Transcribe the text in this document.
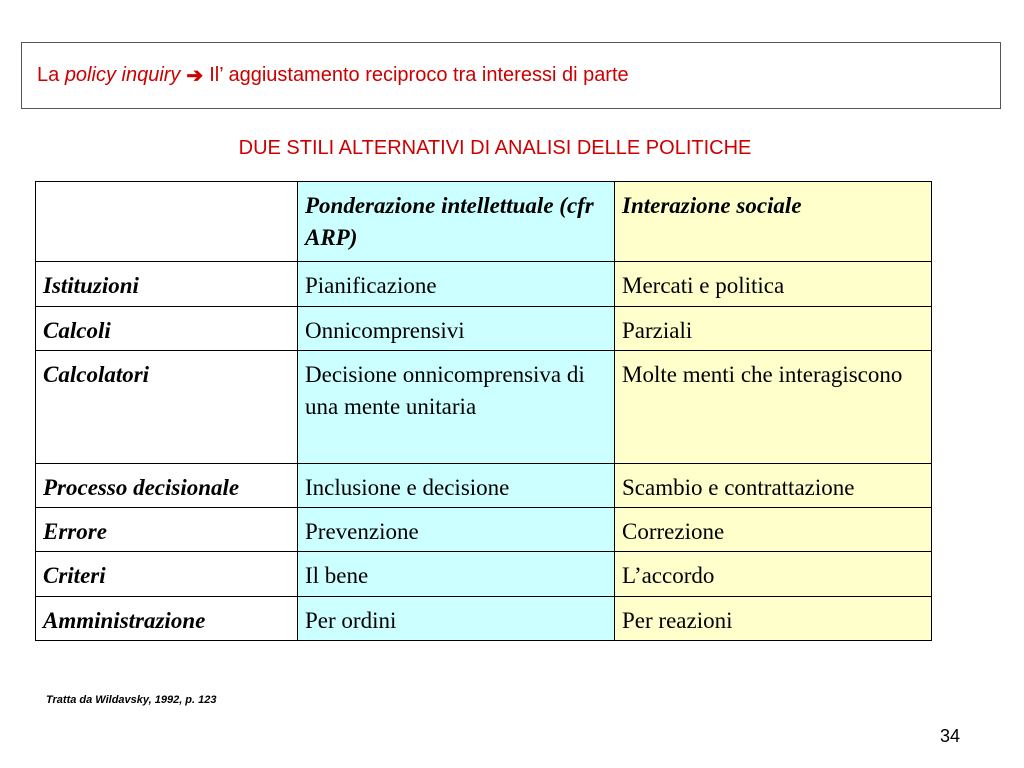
La
policy inquiry ➔ Il’ aggiustamento reciproco tra interessi di parte
DUE STILI ALTERNATIVI DI ANALISI DELLE POLITICHE
	Ponderazione intellettuale (cfr ARP)	Interazione sociale
Istituzioni	Pianificazione	Mercati e politica
Calcoli	Onnicomprensivi	Parziali
Calcolatori	Decisione onnicomprensiva di una mente unitaria	Molte menti che interagiscono
Processo decisionale	Inclusione e decisione	Scambio e contrattazione
Errore	Prevenzione	Correzione
Criteri	Il bene	L’accordo
Amministrazione	Per ordini	Per reazioni
Tratta da Wildavsky, 1992, p. 123
34
